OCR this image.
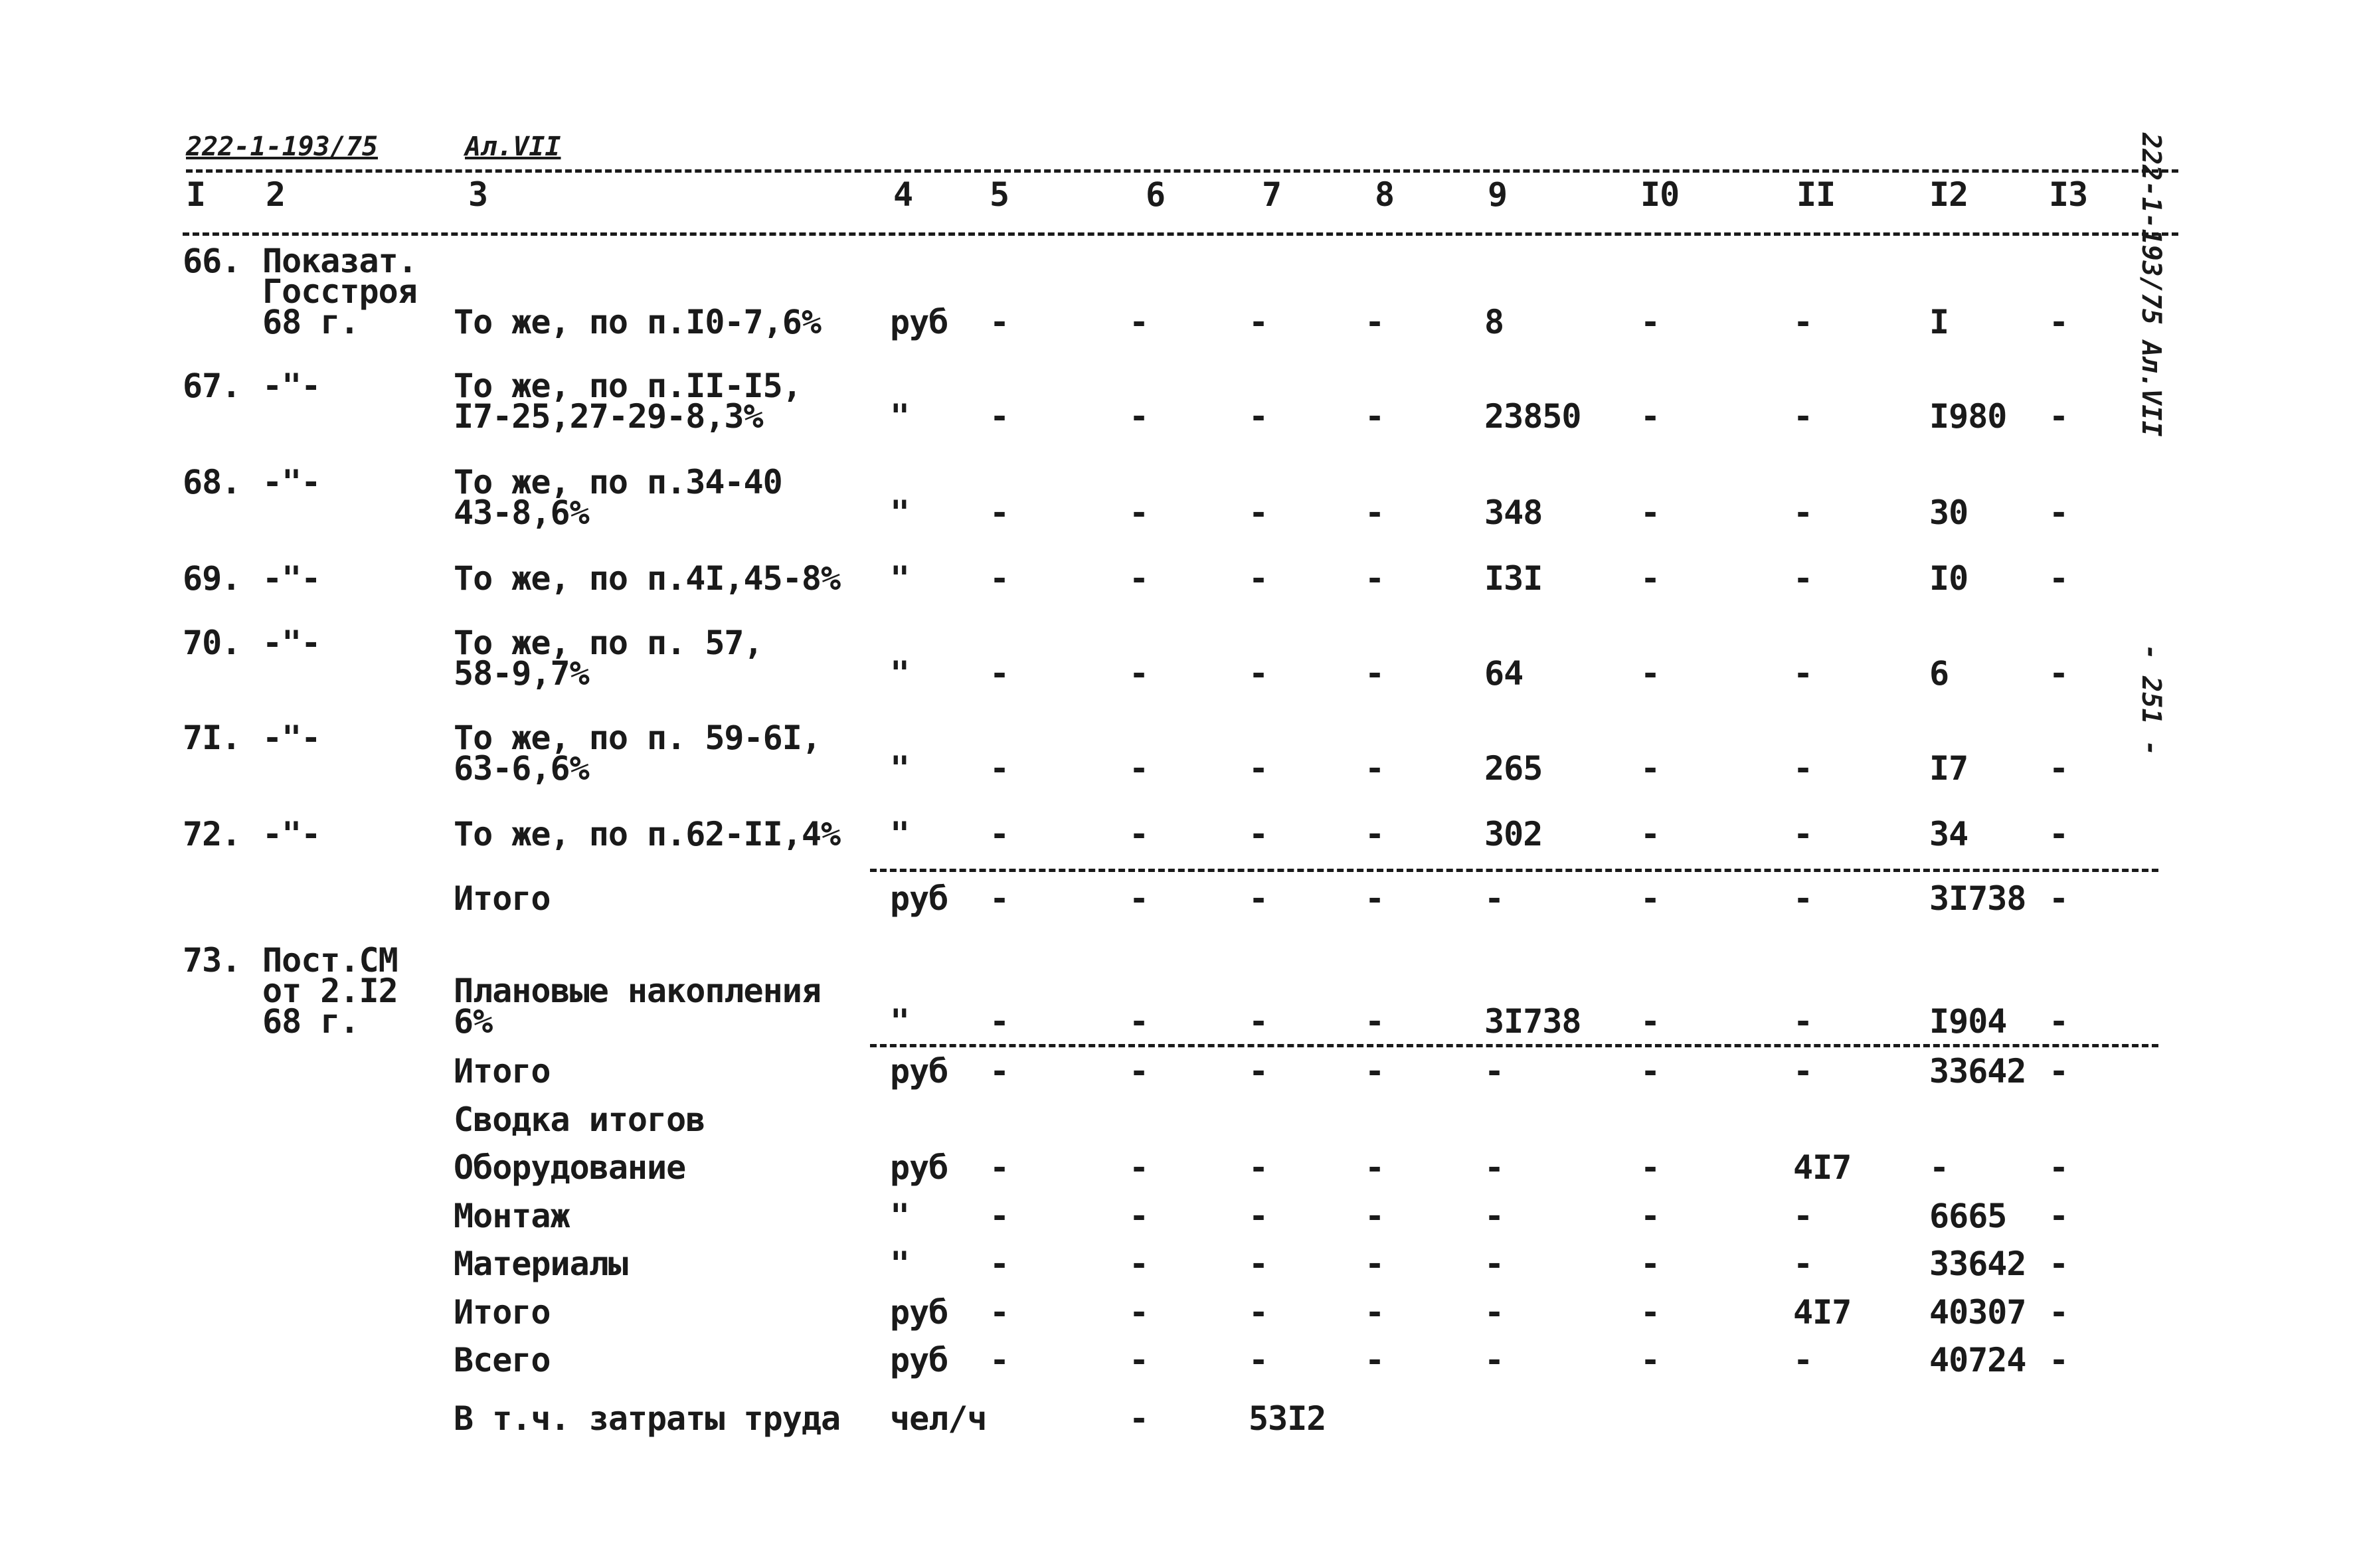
222-1-193/75	Ал.VII
I 2	3	4 5	6	7	8	9	I0	II	I2 I3
66. Показат.
Госстроя
68 г.	То же, по п.I0-7,6% руб -	-	-	-	8	-	-	I	-
67. -"-	То же, по п.II-I5,
I7-25,27-29-8,3%	" -	-	-	-	23850 -	-	I980 -
68. -"-	То же, по п.34-40
43-8,6%	" -	-	-	-	348	-	-	30 -
69. -"-	То же, по п.4I,45-8% " -	-	-	-	I3I	-	-	I0 -
70. -"-	То же, по п. 57,
58-9,7%	" -	-	-	-	64	-	-	6	-
7I. -"-	То же, по п. 59-6I,
63-6,6%	" -	-	-	-	265	-	-	I7 -
72. -"-	То же, по п.62-II,4% " -	-	-	-	302	-	-	34 -
Итого	руб -	-	-	-	-	-	-	3I738 -
73. Пост.СМ
от 2.I2
68 г.
Плановые накопления
6%	" -	-	-	-	3I738 -	-	I904 -
Итого	руб -	-	-	-	-	-	-	33642 -
Сводка итогов
Оборудование	руб -	-	-	-	-	-	4I7 -	-
Монтаж	" -	-	-	-	-	-	-	6665 -
Материалы	" -	-	-	-	-	-	-	33642 -
Итого	руб -	-	-	-	-	-	4I7 40307 -
Всего	руб -	-	-	-	-	-	-	40724 -
В т.ч. затраты труда чел/ч	-	53I2
222-1-193/75 Ал.VII
- 251 -
